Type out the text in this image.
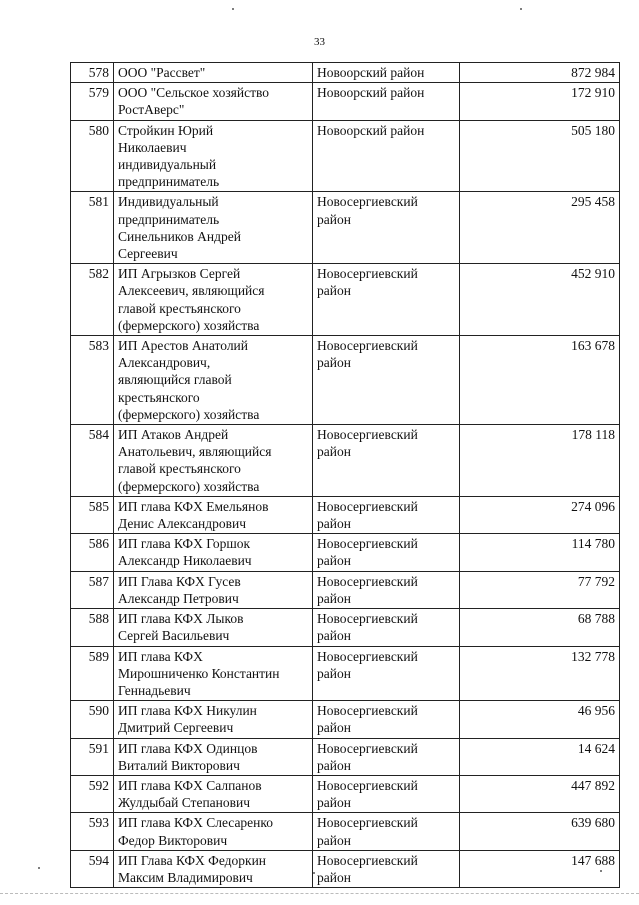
33
578	ООО "Рассвет"	Новоорский район	872 984
579	ООО "Сельское хозяйство
РостАверс"	Новоорский район	172 910
580	Стройкин Юрий
Николаевич
индивидуальный
предприниматель	Новоорский район	505 180
581	Индивидуальный
предприниматель
Синельников Андрей
Сергеевич	Новосергиевский
район	295 458
582	ИП Агрызков Сергей
Алексеевич, являющийся
главой крестьянского
(фермерского) хозяйства	Новосергиевский
район	452 910
583	ИП Арестов Анатолий
Александрович,
являющийся главой
крестьянского
(фермерского) хозяйства	Новосергиевский
район	163 678
584	ИП Атаков Андрей
Анатольевич, являющийся
главой крестьянского
(фермерского) хозяйства	Новосергиевский
район	178 118
585	ИП глава КФХ Емельянов
Денис Александрович	Новосергиевский
район	274 096
586	ИП глава КФХ Горшок
Александр Николаевич	Новосергиевский
район	114 780
587	ИП Глава КФХ Гусев
Александр Петрович	Новосергиевский
район	77 792
588	ИП глава КФХ Лыков
Сергей Васильевич	Новосергиевский
район	68 788
589	ИП глава КФХ
Мирошниченко Константин
Геннадьевич	Новосергиевский
район	132 778
590	ИП глава КФХ Никулин
Дмитрий Сергеевич	Новосергиевский
район	46 956
591	ИП глава КФХ Одинцов
Виталий Викторович	Новосергиевский
район	14 624
592	ИП глава КФХ Салпанов
Жулдыбай Степанович	Новосергиевский
район	447 892
593	ИП глава КФХ Слесаренко
Федор Викторович	Новосергиевский
район	639 680
594	ИП Глава КФХ Федоркин
Максим Владимирович	Новосергиевский
район	147 688
